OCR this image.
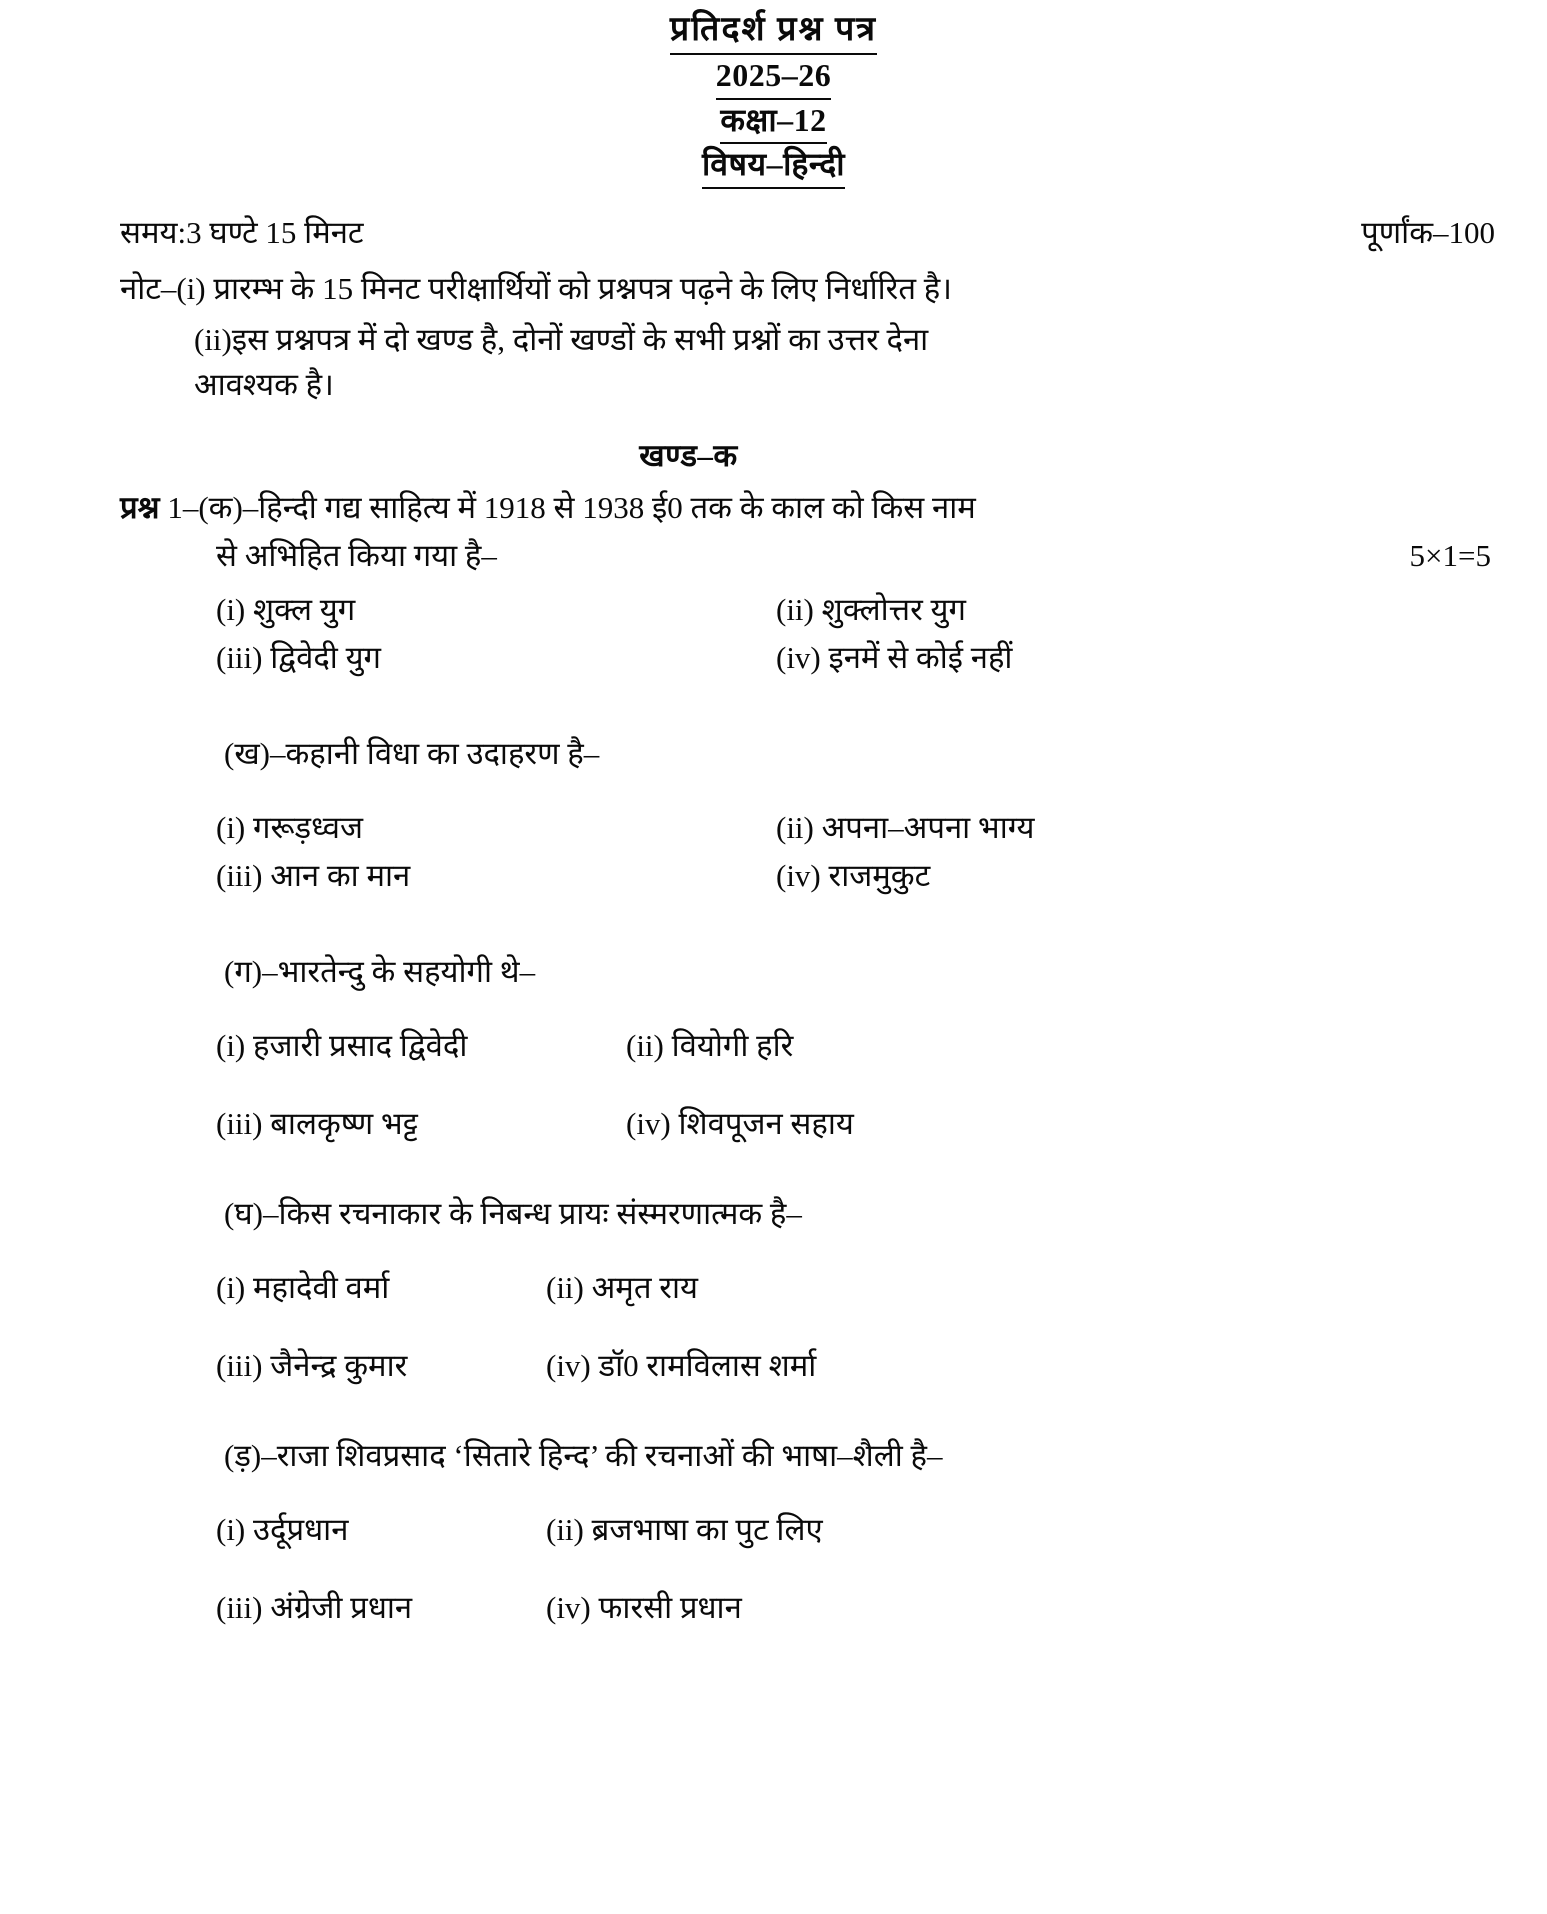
प्रतिदर्श प्रश्न पत्र
2025–26
कक्षा–12
विषय–हिन्दी
समय:3 घण्टे 15 मिनट	पूर्णांक–100
नोट–(i) प्रारम्भ के 15 मिनट परीक्षार्थियों को प्रश्नपत्र पढ़ने के लिए निर्धारित है।
(ii)इस प्रश्नपत्र में दो खण्ड है, दोनों खण्डों के सभी प्रश्नों का उत्तर देना
आवश्यक है।
खण्ड–क
प्रश्न 1–(क)–हिन्दी गद्य साहित्य में 1918 से 1938 ई0 तक के काल को किस नाम
से अभिहित किया गया है–	5×1=5
(i) शुक्ल युग	(ii) शुक्लोत्तर युग
(iii) द्विवेदी युग	(iv) इनमें से कोई नहीं
(ख)–कहानी विधा का उदाहरण है–
(i) गरूड़ध्वज	(ii) अपना–अपना भाग्य
(iii) आन का मान	(iv) राजमुकुट
(ग)–भारतेन्दु के सहयोगी थे–
(i) हजारी प्रसाद द्विवेदी	(ii) वियोगी हरि
(iii) बालकृष्ण भट्ट	(iv) शिवपूजन सहाय
(घ)–किस रचनाकार के निबन्ध प्रायः संस्मरणात्मक है–
(i) महादेवी वर्मा	(ii) अमृत राय
(iii) जैनेन्द्र कुमार	(iv) डॉ0 रामविलास शर्मा
(ड़)–राजा शिवप्रसाद ‘सितारे हिन्द’ की रचनाओं की भाषा–शैली है–
(i) उर्दूप्रधान	(ii) ब्रजभाषा का पुट लिए
(iii) अंग्रेजी प्रधान	(iv) फारसी प्रधान
